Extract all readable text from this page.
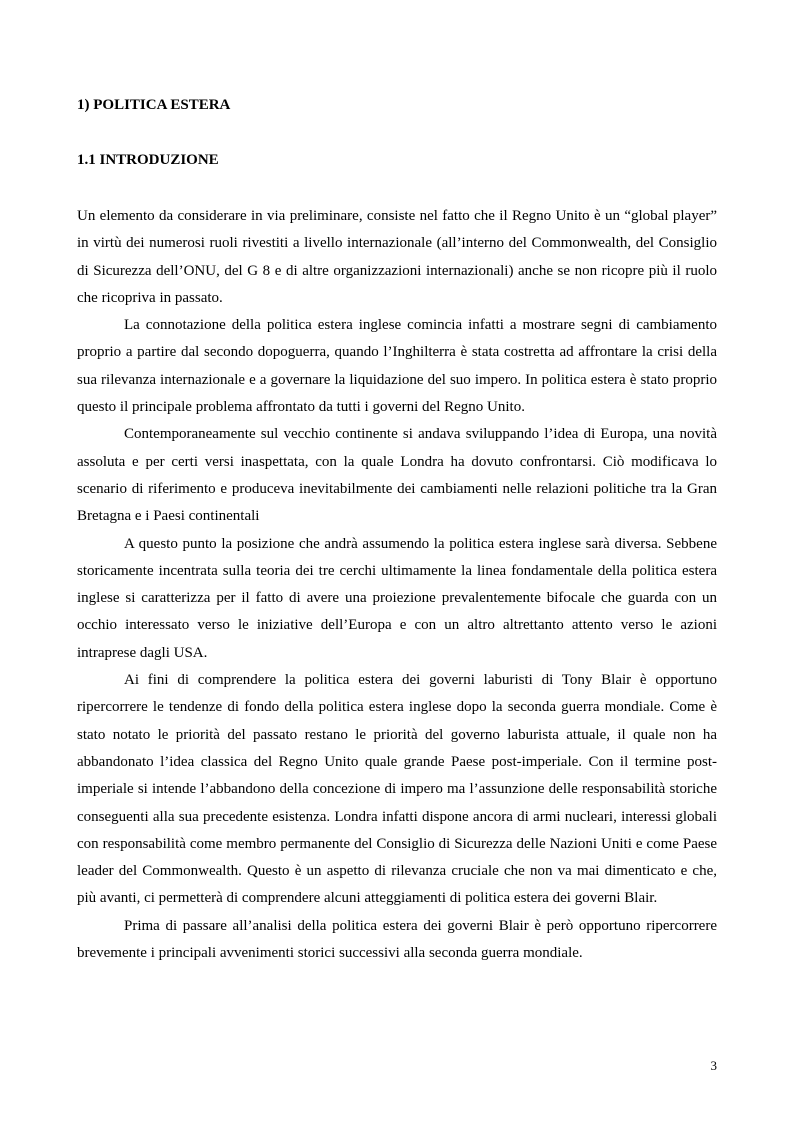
1) POLITICA ESTERA
1.1 INTRODUZIONE

Un elemento da considerare in via preliminare, consiste nel fatto che il Regno Unito è un “global player” in virtù dei numerosi ruoli rivestiti a livello internazionale (all’interno del Commonwealth, del Consiglio di Sicurezza dell’ONU, del G 8 e di altre organizzazioni internazionali) anche se non ricopre più il ruolo che ricopriva in passato.

La connotazione della politica estera inglese comincia infatti a mostrare segni di cambiamento proprio a partire dal secondo dopoguerra, quando l’Inghilterra è stata costretta ad affrontare la crisi della sua rilevanza internazionale e a governare la liquidazione del suo impero. In politica estera è stato proprio questo il principale problema affrontato da tutti i governi del Regno Unito.

Contemporaneamente sul vecchio continente si andava sviluppando l’idea di Europa, una novità assoluta e per certi versi inaspettata, con la quale Londra ha dovuto confrontarsi. Ciò modificava lo scenario di riferimento e produceva inevitabilmente dei cambiamenti nelle relazioni politiche tra la Gran Bretagna e i Paesi continentali

A questo punto la posizione che andrà assumendo la politica estera inglese sarà diversa. Sebbene storicamente incentrata sulla teoria dei tre cerchi ultimamente la linea fondamentale della politica estera inglese si caratterizza per il fatto di avere una proiezione prevalentemente bifocale che guarda con un occhio interessato verso le iniziative dell’Europa e con un altro altrettanto attento verso le azioni intraprese dagli USA.

Ai fini di comprendere la politica estera dei governi laburisti di Tony Blair è opportuno ripercorrere le tendenze di fondo della politica estera inglese dopo la seconda guerra mondiale. Come è stato notato le priorità del passato restano le priorità del governo laburista attuale, il quale non ha abbandonato l’idea classica del Regno Unito quale grande Paese post-imperiale. Con il termine post-imperiale si intende l’abbandono della concezione di impero ma l’assunzione delle responsabilità storiche conseguenti alla sua precedente esistenza. Londra infatti dispone ancora di armi nucleari, interessi globali con responsabilità come membro permanente del Consiglio di Sicurezza delle Nazioni Uniti e come Paese leader del Commonwealth. Questo è un aspetto di rilevanza cruciale che non va mai dimenticato e che, più avanti, ci permetterà di comprendere alcuni atteggiamenti di politica estera dei governi Blair.

Prima di passare all’analisi della politica estera dei governi Blair è però opportuno ripercorrere brevemente i principali avvenimenti storici successivi alla seconda guerra mondiale.

3
